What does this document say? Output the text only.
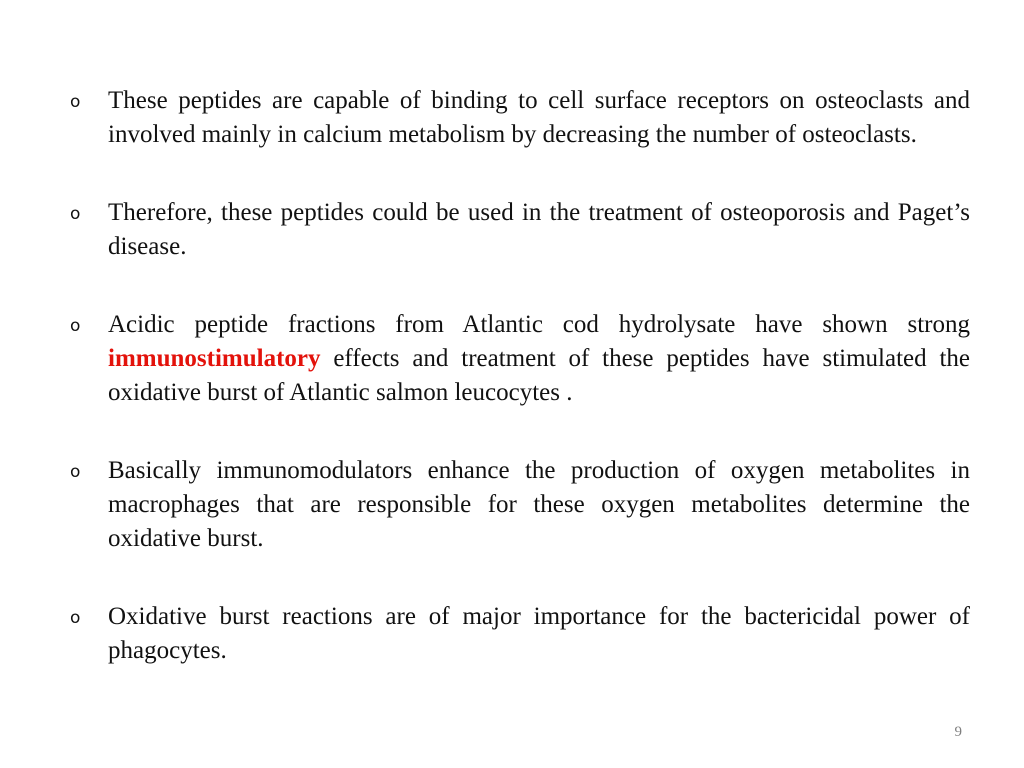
o	These peptides are capable of binding to cell surface receptors on osteoclasts and involved mainly in calcium metabolism by decreasing the number of osteoclasts.
o	Therefore, these peptides could be used in the treatment of osteoporosis and Paget’s disease.
o	Acidic peptide fractions from Atlantic cod hydrolysate have shown strong immunostimulatory effects and treatment of these peptides have stimulated the oxidative burst of Atlantic salmon leucocytes .
o	Basically immunomodulators enhance the production of oxygen metabolites in macrophages that are responsible for these oxygen metabolites determine the oxidative burst.
o	Oxidative burst reactions are of major importance for the bactericidal power of phagocytes.
9
